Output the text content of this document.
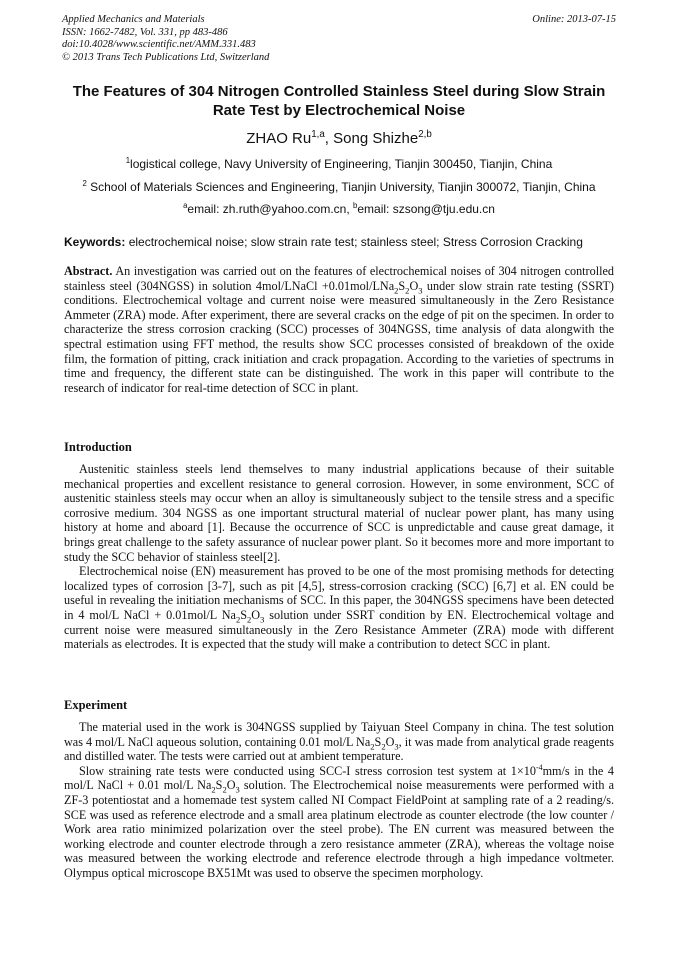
Applied Mechanics and Materials
ISSN: 1662-7482, Vol. 331, pp 483-486
doi:10.4028/www.scientific.net/AMM.331.483
© 2013 Trans Tech Publications Ltd, Switzerland
Online: 2013-07-15
The Features of 304 Nitrogen Controlled Stainless Steel during Slow Strain Rate Test by Electrochemical Noise
ZHAO Ru$^{1,a}$, Song Shizhe$^{2,b}$
$^1$logistical college, Navy University of Engineering, Tianjin 300450, Tianjin, China
$^2$ School of Materials Sciences and Engineering, Tianjin University, Tianjin 300072, Tianjin, China
$^a$email: zh.ruth@yahoo.com.cn, $^b$email: szsong@tju.edu.cn
Keywords: electrochemical noise; slow strain rate test; stainless steel; Stress Corrosion Cracking

Abstract. An investigation was carried out on the features of electrochemical noises of 304 nitrogen controlled stainless steel (304NGSS) in solution 4mol/LNaCl $+0.01mol/LNa_2S_2O_3$ under slow strain rate testing (SSRT) conditions. Electrochemical voltage and current noise were measured simultaneously in the Zero Resistance Ammeter (ZRA) mode. After experiment, there are several cracks on the edge of pit on the specimen. In order to characterize the stress corrosion cracking (SCC) processes of 304NGSS, time analysis of data alongwith the spectral estimation using FFT method, the results show SCC processes consisted of breakdown of the oxide film, the formation of pitting, crack initiation and crack propagation. According to the varieties of spectrums in time and frequency, the different state can be distinguished. The work in this paper will contribute to the research of indicator for real-time detection of SCC in plant.

Introduction

Austenitic stainless steels lend themselves to many industrial applications because of their suitable mechanical properties and excellent resistance to general corrosion. However, in some environment, SCC of austenitic stainless steels may occur when an alloy is simultaneously subject to the tensile stress and a specific corrosive medium. 304 NGSS as one important structural material of nuclear power plant, has many using history at home and aboard [1]. Because the occurrence of SCC is unpredictable and cause great damage, it brings great challenge to the safety assurance of nuclear power plant. So it becomes more and more important to study the SCC behavior of stainless steel[2].

Electrochemical noise (EN) measurement has proved to be one of the most promising methods for detecting localized types of corrosion [3-7], such as pit [4,5], stress-corrosion cracking (SCC) [6,7] et al. EN could be useful in revealing the initiation mechanisms of SCC. In this paper, the 304NGSS specimens have been detected in 4 mol/L NaCl + 0.01mol/L $Na_2S_2O_3$ solution under SSRT condition by EN. Electrochemical voltage and current noise were measured simultaneously in the Zero Resistance Ammeter (ZRA) mode with different materials as electrodes. It is expected that the study will make a contribution to detect SCC in plant.

Experiment

The material used in the work is 304NGSS supplied by Taiyuan Steel Company in china. The test solution was 4 mol/L NaCl aqueous solution, containing 0.01 mol/L $Na_2S_2O_3$, it was made from analytical grade reagents and distilled water. The tests were carried out at ambient temperature.

Slow straining rate tests were conducted using SCC-I stress corrosion test system at $1\times 10^{-4}mm/s$ in the 4 mol/L NaCl + 0.01 mol/L $Na_2S_2O_3$ solution. The Electrochemical noise measurements were performed with a ZF-3 potentiostat and a homemade test system called NI Compact FieldPoint at sampling rate of a 2 reading/s. SCE was used as reference electrode and a small area platinum electrode as counter electrode (the low counter / Work area ratio minimized polarization over the steel probe). The EN current was measured between the working electrode and counter electrode through a zero resistance ammeter (ZRA), whereas the voltage noise was measured between the working electrode and reference electrode through a high impedance voltmeter. Olympus optical microscope BX51Mt was used to observe the specimen morphology.
